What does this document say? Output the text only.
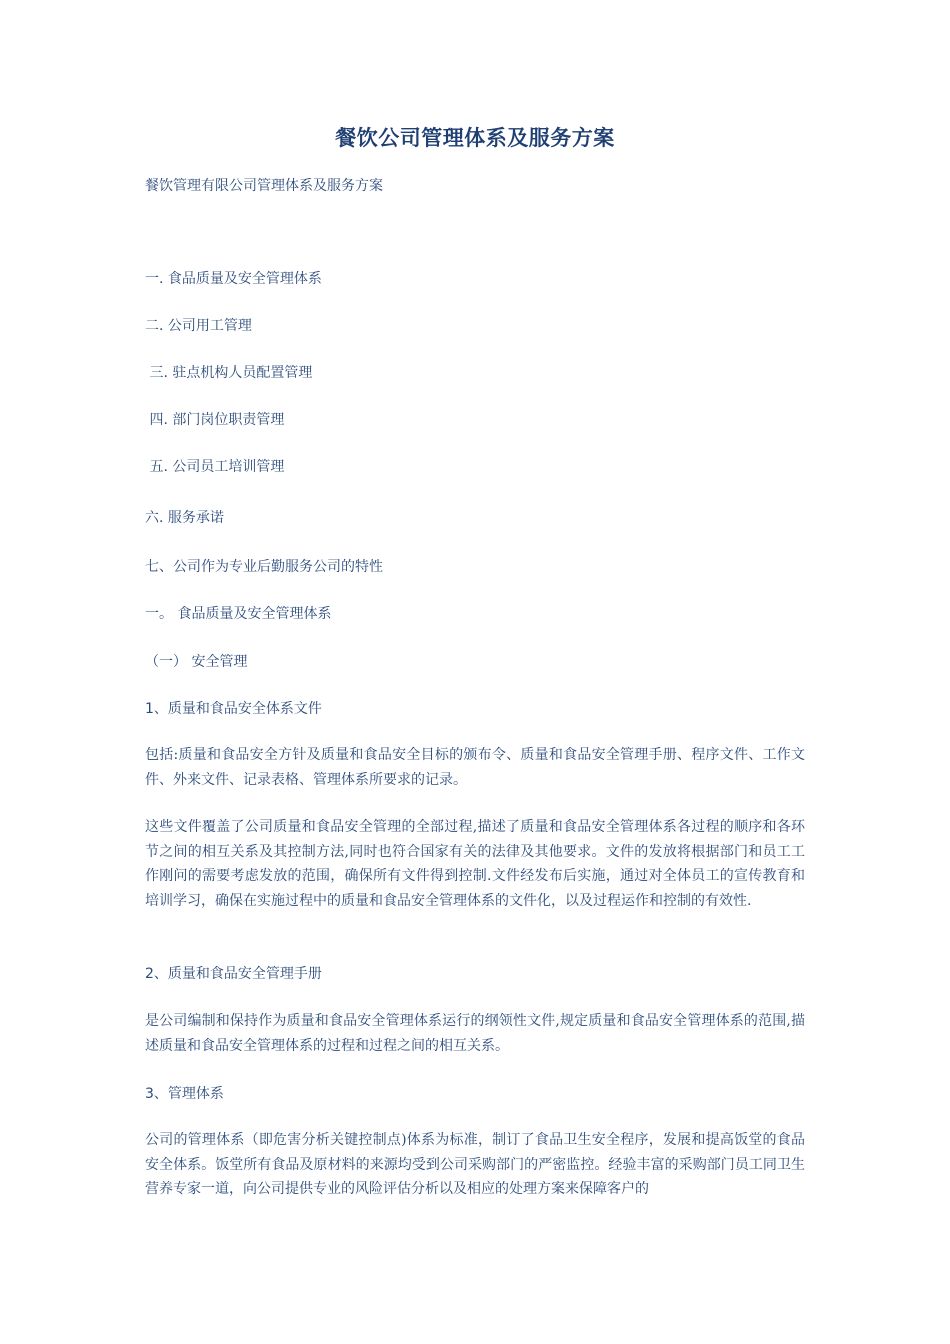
餐饮公司管理体系及服务方案
餐饮管理有限公司管理体系及服务方案
一. 食品质量及安全管理体系
二. 公司用工管理
三. 驻点机构人员配置管理
四. 部门岗位职责管理
五. 公司员工培训管理
六. 服务承诺
七、公司作为专业后勤服务公司的特性
一。 食品质量及安全管理体系
（一） 安全管理
1、质量和食品安全体系文件
包括:质量和食品安全方针及质量和食品安全目标的颁布令、质量和食品安全管理手册、程序文件、工作文件、外来文件、记录表格、管理体系所要求的记录。
这些文件覆盖了公司质量和食品安全管理的全部过程,描述了质量和食品安全管理体系各过程的顺序和各环节之间的相互关系及其控制方法,同时也符合国家有关的法律及其他要求。文件的发放将根据部门和员工工作刚问的需要考虑发放的范围，确保所有文件得到控制.文件经发布后实施，通过对全体员工的宣传教育和培训学习，确保在实施过程中的质量和食品安全管理体系的文件化，以及过程运作和控制的有效性.
2、质量和食品安全管理手册
是公司编制和保持作为质量和食品安全管理体系运行的纲领性文件,规定质量和食品安全管理体系的范围,描述质量和食品安全管理体系的过程和过程之间的相互关系。
3、管理体系
公司的管理体系（即危害分析关键控制点)体系为标准，制订了食品卫生安全程序，发展和提高饭堂的食品安全体系。饭堂所有食品及原材料的来源均受到公司采购部门的严密监控。经验丰富的采购部门员工同卫生营养专家一道，向公司提供专业的风险评估分析以及相应的处理方案来保障客户的
